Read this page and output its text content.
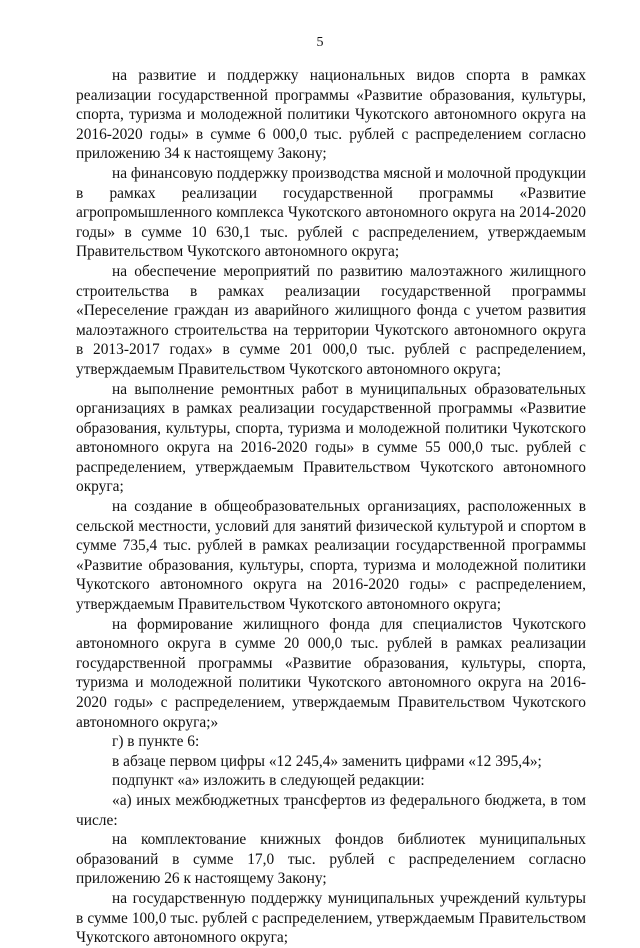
5

на развитие и поддержку национальных видов спорта в рамках реализации государственной программы «Развитие образования, культуры, спорта, туризма и молодежной политики Чукотского автономного округа на 2016-2020 годы» в сумме 6 000,0 тыс. рублей с распределением согласно приложению 34 к настоящему Закону;

на финансовую поддержку производства мясной и молочной продукции в рамках реализации государственной программы «Развитие агропромышленного комплекса Чукотского автономного округа на 2014-2020 годы» в сумме 10 630,1 тыс. рублей с распределением, утверждаемым Правительством Чукотского автономного округа;

на обеспечение мероприятий по развитию малоэтажного жилищного строительства в рамках реализации государственной программы «Переселение граждан из аварийного жилищного фонда с учетом развития малоэтажного строительства на территории Чукотского автономного округа в 2013-2017 годах» в сумме 201 000,0 тыс. рублей с распределением, утверждаемым Правительством Чукотского автономного округа;

на выполнение ремонтных работ в муниципальных образовательных организациях в рамках реализации государственной программы «Развитие образования, культуры, спорта, туризма и молодежной политики Чукотского автономного округа на 2016-2020 годы» в сумме 55 000,0 тыс. рублей с распределением, утверждаемым Правительством Чукотского автономного округа;

на создание в общеобразовательных организациях, расположенных в сельской местности, условий для занятий физической культурой и спортом в сумме 735,4 тыс. рублей в рамках реализации государственной программы «Развитие образования, культуры, спорта, туризма и молодежной политики Чукотского автономного округа на 2016-2020 годы» с распределением, утверждаемым Правительством Чукотского автономного округа;

на формирование жилищного фонда для специалистов Чукотского автономного округа в сумме 20 000,0 тыс. рублей в рамках реализации государственной программы «Развитие образования, культуры, спорта, туризма и молодежной политики Чукотского автономного округа на 2016-2020 годы» с распределением, утверждаемым Правительством Чукотского автономного округа;»

г) в пункте 6:

в абзаце первом цифры «12 245,4» заменить цифрами «12 395,4»;

подпункт «а» изложить в следующей редакции:

«а) иных межбюджетных трансфертов из федерального бюджета, в том числе:

на комплектование книжных фондов библиотек муниципальных образований в сумме 17,0 тыс. рублей с распределением согласно приложению 26 к настоящему Закону;

на государственную поддержку муниципальных учреждений культуры в сумме 100,0 тыс. рублей с распределением, утверждаемым Правительством Чукотского автономного округа;
